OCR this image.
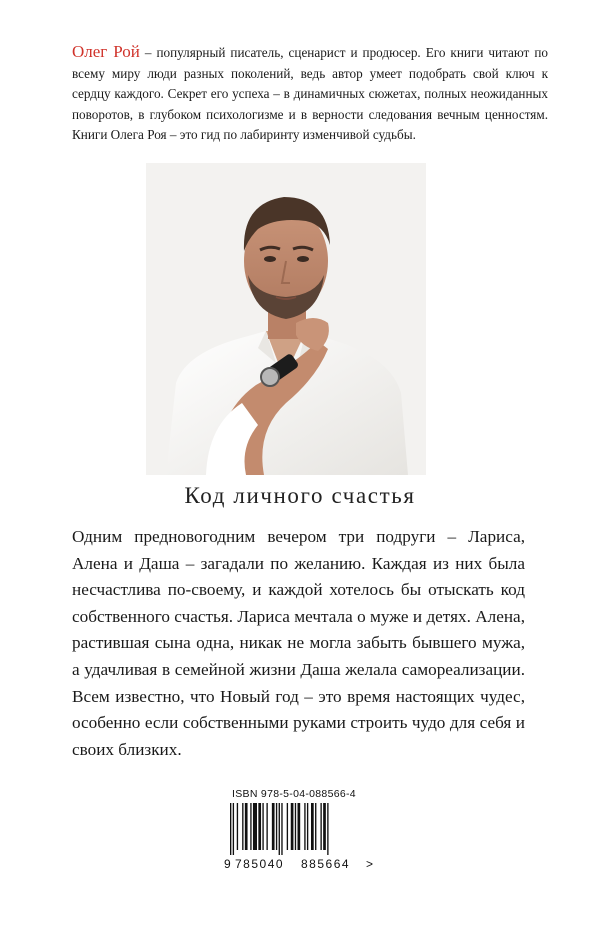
Олег Рой – популярный писатель, сценарист и продюсер. Его книги читают по всему миру люди разных поколений, ведь автор умеет подобрать свой ключ к сердцу каждого. Секрет его успеха – в динамичных сюжетах, полных неожиданных поворотов, в глубоком психологизме и в верности следования вечным ценностям. Книги Олега Роя – это гид по лабиринту изменчивой судьбы.
Код личного счастья
Одним предновогодним вечером три подруги – Лариса, Алена и Даша – загадали по желанию. Каждая из них была несчастлива по-своему, и каждой хотелось бы отыскать код собственного счастья. Лариса мечтала о муже и детях. Алена, растившая сына одна, никак не могла забыть бывшего мужа, а удачливая в семейной жизни Даша желала самореализации. Всем известно, что Новый год – это время настоящих чудес, особенно если собственными руками строить чудо для себя и своих близких.
ISBN 978-5-04-088566-4

9

785040

885664

>
